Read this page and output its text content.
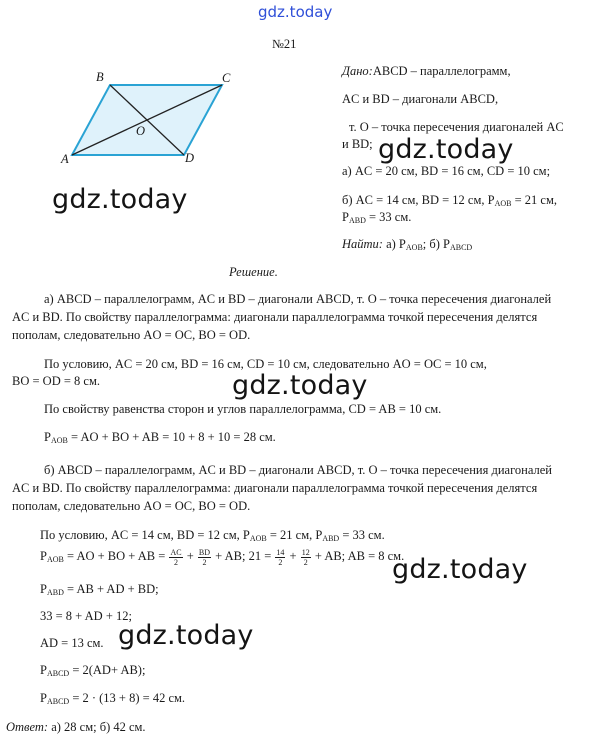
gdz.today
№21
B	C
A	D
O
Дано:ABCD – параллелограмм,
AC и BD – диагонали ABCD,
т. O – точка пересечения диагоналей AC
и BD;
а) AC = 20 см, BD = 16 см, CD = 10 см;
б) AC = 14 см, BD = 12 см, $P_{AOB} = 21$ см,
$P_{ABD} = 33$ см.
Найти: а) $P_{AOB}$; б) $P_{ABCD}$
Решение.
а) ABCD – параллелограмм, AC и BD – диагонали ABCD, т. O – точка пересечения диагоналей
AC и BD. По свойству параллелограмма: диагонали параллелограмма точкой пересечения делятся
пополам, следовательно AO = OC, BO = OD.
По условию, AC = 20 см, BD = 16 см, CD = 10 см, следовательно AO = OC = 10 см,
BO = OD = 8 см.
По свойству равенства сторон и углов параллелограмма, CD = AB = 10 см.
$P_{AOB}$ = AO + BO + AB = 10 + 8 + 10 = 28 см.
б) ABCD – параллелограмм, AC и BD – диагонали ABCD, т. O – точка пересечения диагоналей
AC и BD. По свойству параллелограмма: диагонали параллелограмма точкой пересечения делятся
пополам, следовательно AO = OC, BO = OD.
По условию, AC = 14 см, BD = 12 см, $P_{AOB} = 21$ см, $P_{ABD} = 33$ см.
$P_{AOB}$ = AO + BO + AB = $\frac{AC}{2} + \frac{BD}{2}$ + AB; $21 = \frac{14}{2} + \frac{12}{2}$ + AB; AB = 8 см.
$P_{ABD}$ = AB + AD + BD;
33 = 8 + AD + 12;
AD = 13 см.
$P_{ABCD} = 2(AD+ AB)$;
$P_{ABCD} = 2 \cdot (13 + 8) = 42$ см.
Ответ: а) 28 см; б) 42 см.
gdz.today
gdz.today
gdz.today
gdz.today
gdz.today
